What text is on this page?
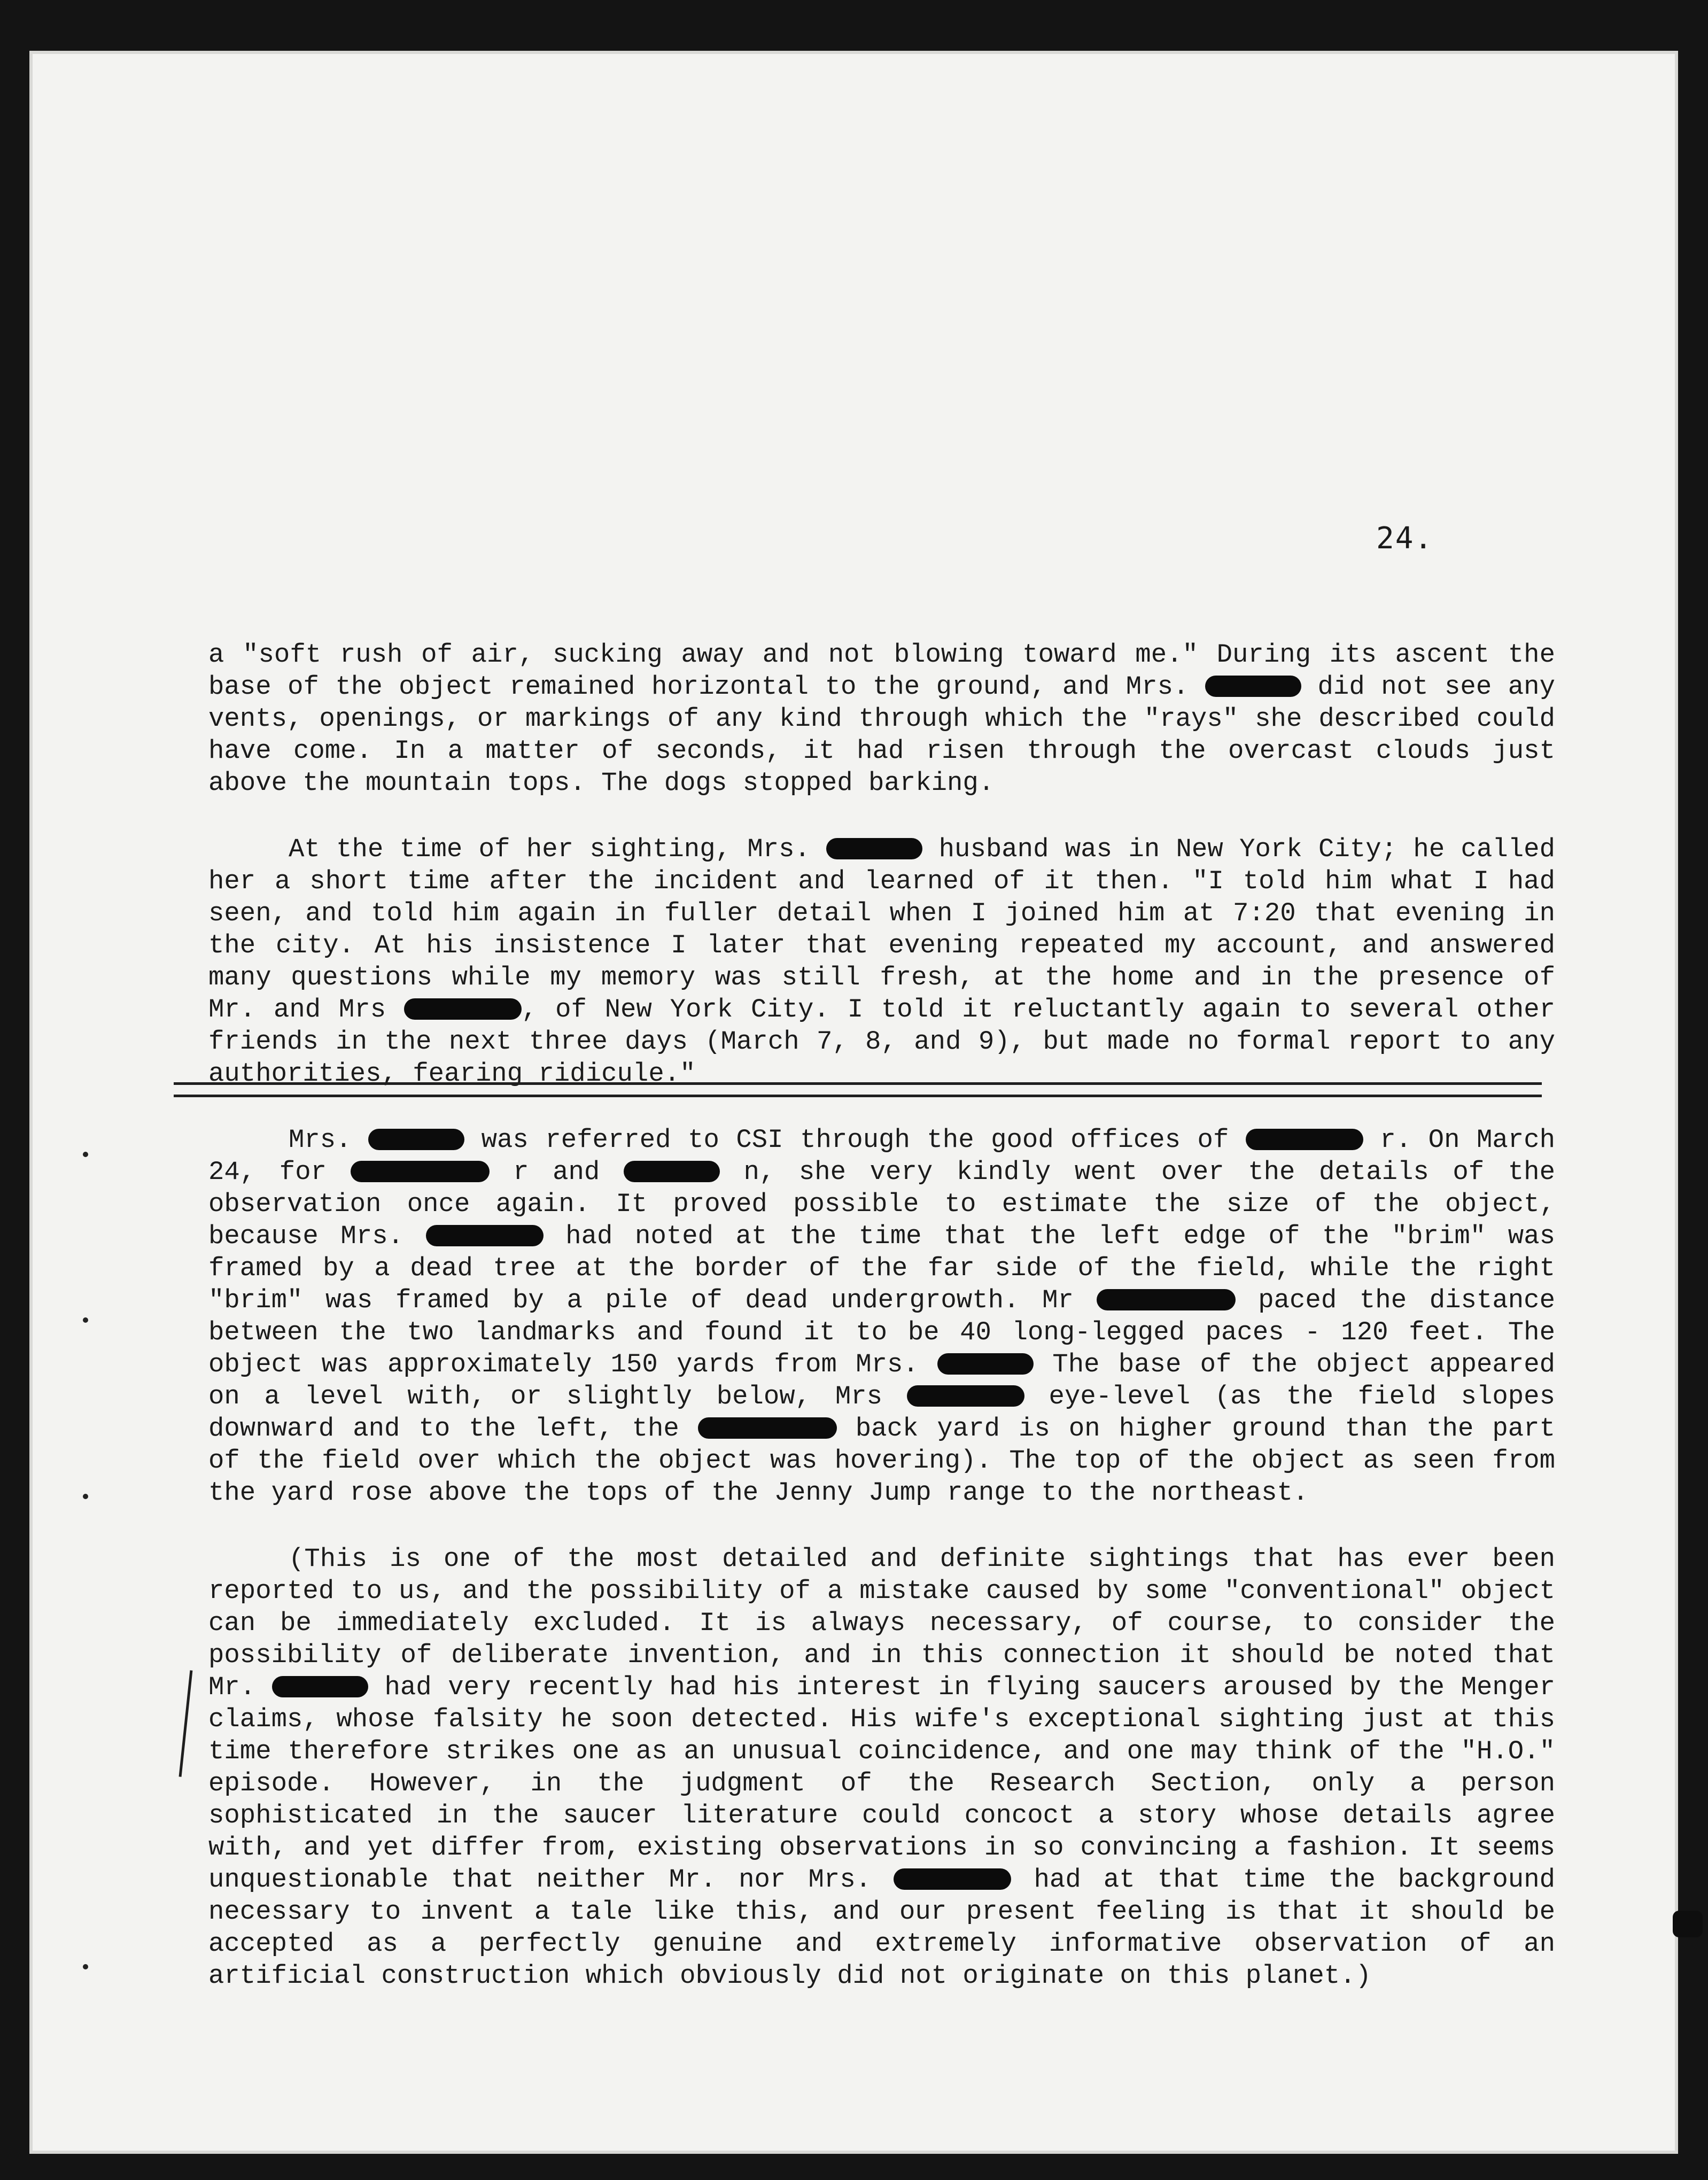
24.

a "soft rush of air, sucking away and not blowing toward me." During its ascent the base of the object remained horizontal to the ground, and Mrs.	did not see any vents, openings, or markings of any kind through which the "rays" she described could have come. In a matter of seconds, it had risen through the overcast clouds just above the mountain tops. The dogs stopped barking.

At the time of her sighting, Mrs.	husband was in New York City; he called her a short time after the incident and learned of it then. "I told him what I had seen, and told him again in fuller detail when I joined him at 7:20 that evening in the city. At his insistence I later that evening repeated my account, and answered many questions while my memory was still fresh, at the home and in the presence of Mr. and Mrs	, of New York City. I told it reluctantly again to several other friends in the next three days (March 7, 8, and 9), but made no formal report to any authorities, fearing ridicule."

Mrs.	was referred to CSI through the good offices of	r. On March 24, for	r and	n, she very kindly went over the details of the observation once again. It proved possible to estimate the size of the object, because Mrs.	had noted at the time that the left edge of the "brim" was framed by a dead tree at the border of the far side of the field, while the right "brim" was framed by a pile of dead undergrowth. Mr	paced the distance between the two landmarks and found it to be 40 long-legged paces - 120 feet. The object was approximately 150 yards from Mrs.	The base of the object appeared on a level with, or slightly below, Mrs	eye-level (as the field slopes downward and to the left, the	back yard is on higher ground than the part of the field over which the object was hovering). The top of the object as seen from the yard rose above the tops of the Jenny Jump range to the northeast.

(This is one of the most detailed and definite sightings that has ever been reported to us, and the possibility of a mistake caused by some "conventional" object can be immediately excluded. It is always necessary, of course, to consider the possibility of deliberate invention, and in this connection it should be noted that Mr.	had very recently had his interest in flying saucers aroused by the Menger claims, whose falsity he soon detected. His wife's exceptional sighting just at this time therefore strikes one as an unusual coincidence, and one may think of the "H.O." episode. However, in the judgment of the Research Section, only a person sophisticated in the saucer literature could concoct a story whose details agree with, and yet differ from, existing observations in so convincing a fashion. It seems unquestionable that neither Mr. nor Mrs.	had at that time the background necessary to invent a tale like this, and our present feeling is that it should be accepted as a perfectly genuine and extremely informative observation of an artificial construction which obviously did not originate on this planet.)
